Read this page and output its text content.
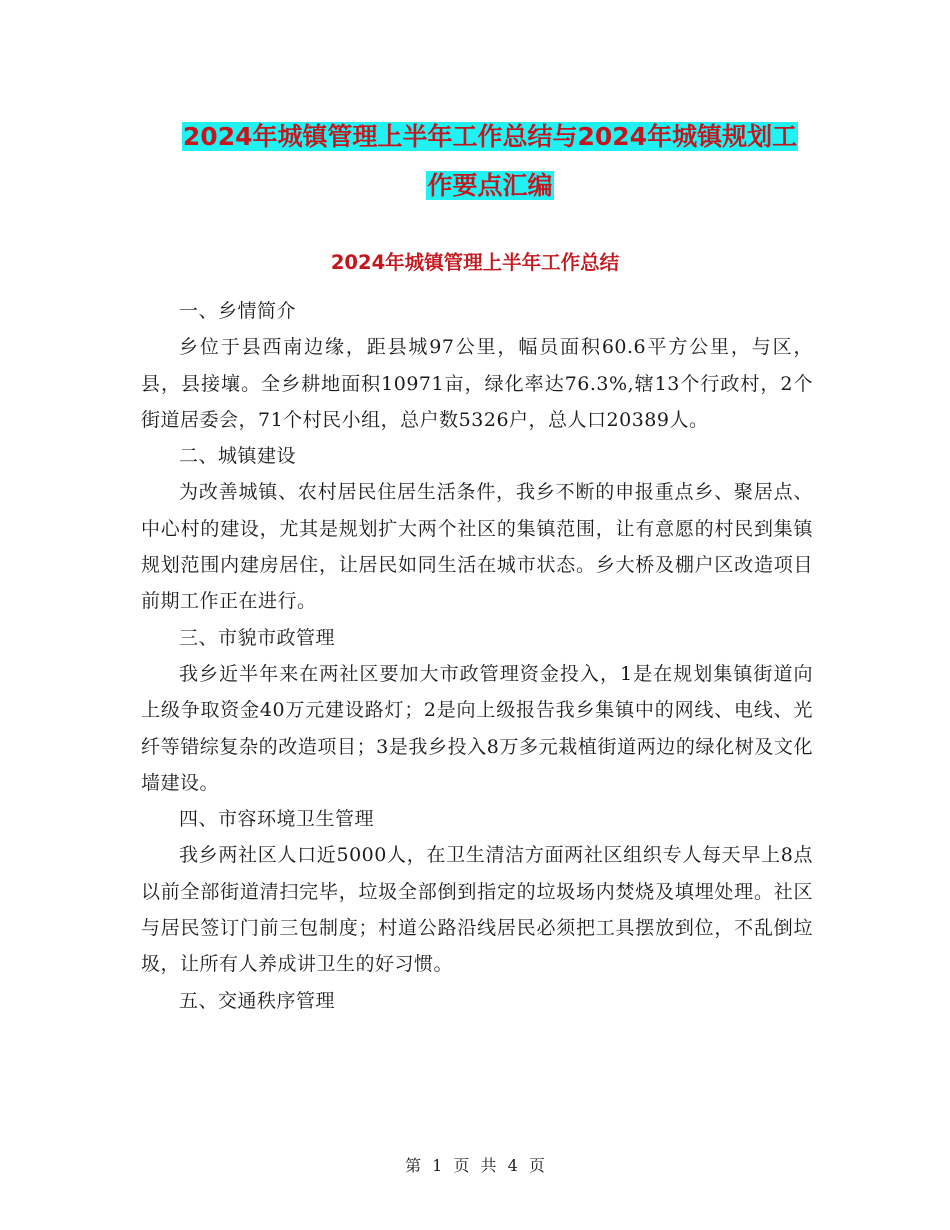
2024年城镇管理上半年工作总结与2024年城镇规划工
作要点汇编
2024年城镇管理上半年工作总结

一、乡情简介

乡位于县西南边缘，距县城97公里，幅员面积60.6平方公里，与区，县，县接壤。全乡耕地面积10971亩，绿化率达76.3%,辖13个行政村，2个街道居委会，71个村民小组，总户数5326户，总人口20389人。

二、城镇建设

为改善城镇、农村居民住居生活条件，我乡不断的申报重点乡、聚居点、中心村的建设，尤其是规划扩大两个社区的集镇范围，让有意愿的村民到集镇规划范围内建房居住，让居民如同生活在城市状态。乡大桥及棚户区改造项目前期工作正在进行。

三、市貌市政管理

我乡近半年来在两社区要加大市政管理资金投入，1是在规划集镇街道向上级争取资金40万元建设路灯；2是向上级报告我乡集镇中的网线、电线、光纤等错综复杂的改造项目；3是我乡投入8万多元栽植街道两边的绿化树及文化墙建设。

四、市容环境卫生管理

我乡两社区人口近5000人，在卫生清洁方面两社区组织专人每天早上8点以前全部街道清扫完毕，垃圾全部倒到指定的垃圾场内焚烧及填埋处理。社区与居民签订门前三包制度；村道公路沿线居民必须把工具摆放到位，不乱倒垃圾，让所有人养成讲卫生的好习惯。

五、交通秩序管理

第 1 页 共 4 页
